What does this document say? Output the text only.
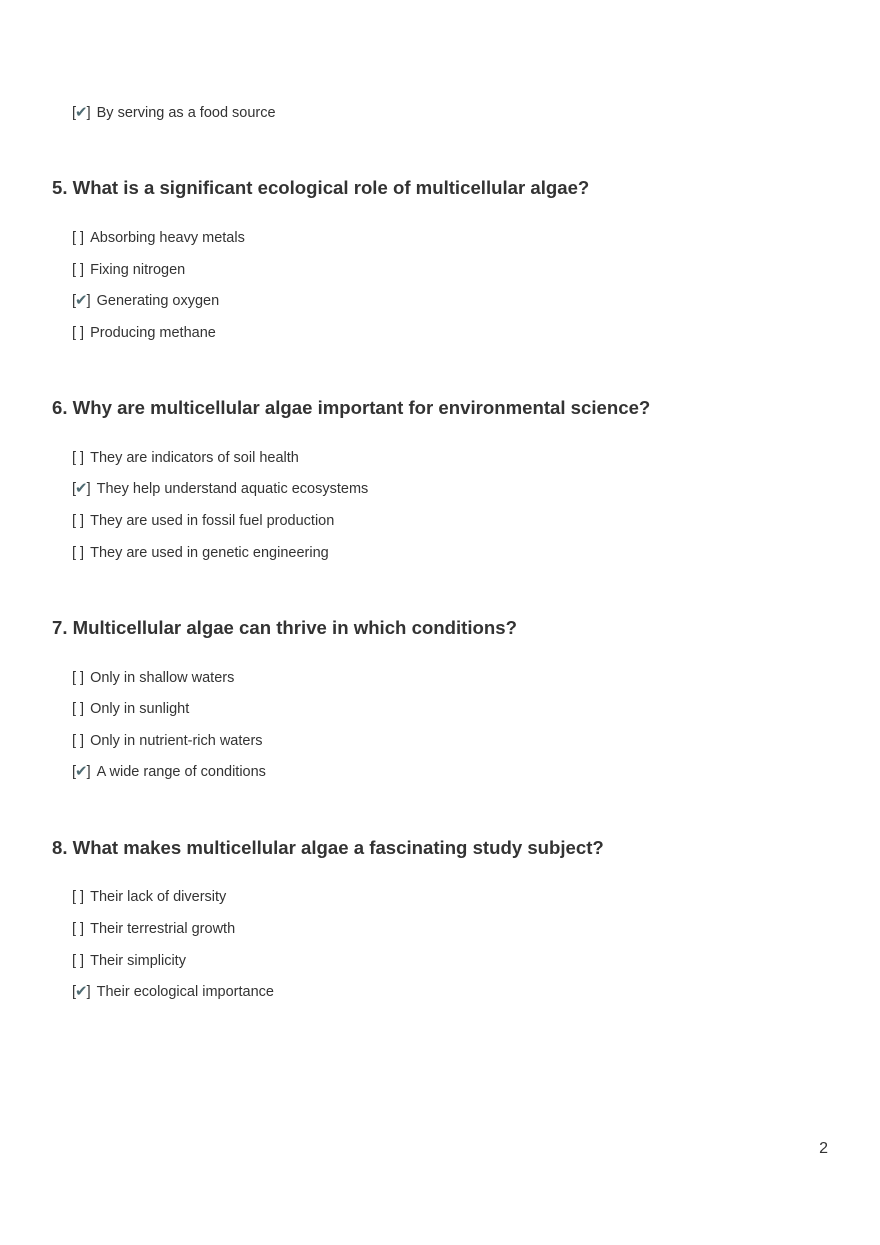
[✔] By serving as a food source
5. What is a significant ecological role of multicellular algae?
[ ] Absorbing heavy metals
[ ] Fixing nitrogen
[✔] Generating oxygen
[ ] Producing methane
6. Why are multicellular algae important for environmental science?
[ ] They are indicators of soil health
[✔] They help understand aquatic ecosystems
[ ] They are used in fossil fuel production
[ ] They are used in genetic engineering
7. Multicellular algae can thrive in which conditions?
[ ] Only in shallow waters
[ ] Only in sunlight
[ ] Only in nutrient-rich waters
[✔] A wide range of conditions
8. What makes multicellular algae a fascinating study subject?
[ ] Their lack of diversity
[ ] Their terrestrial growth
[ ] Their simplicity
[✔] Their ecological importance
2
